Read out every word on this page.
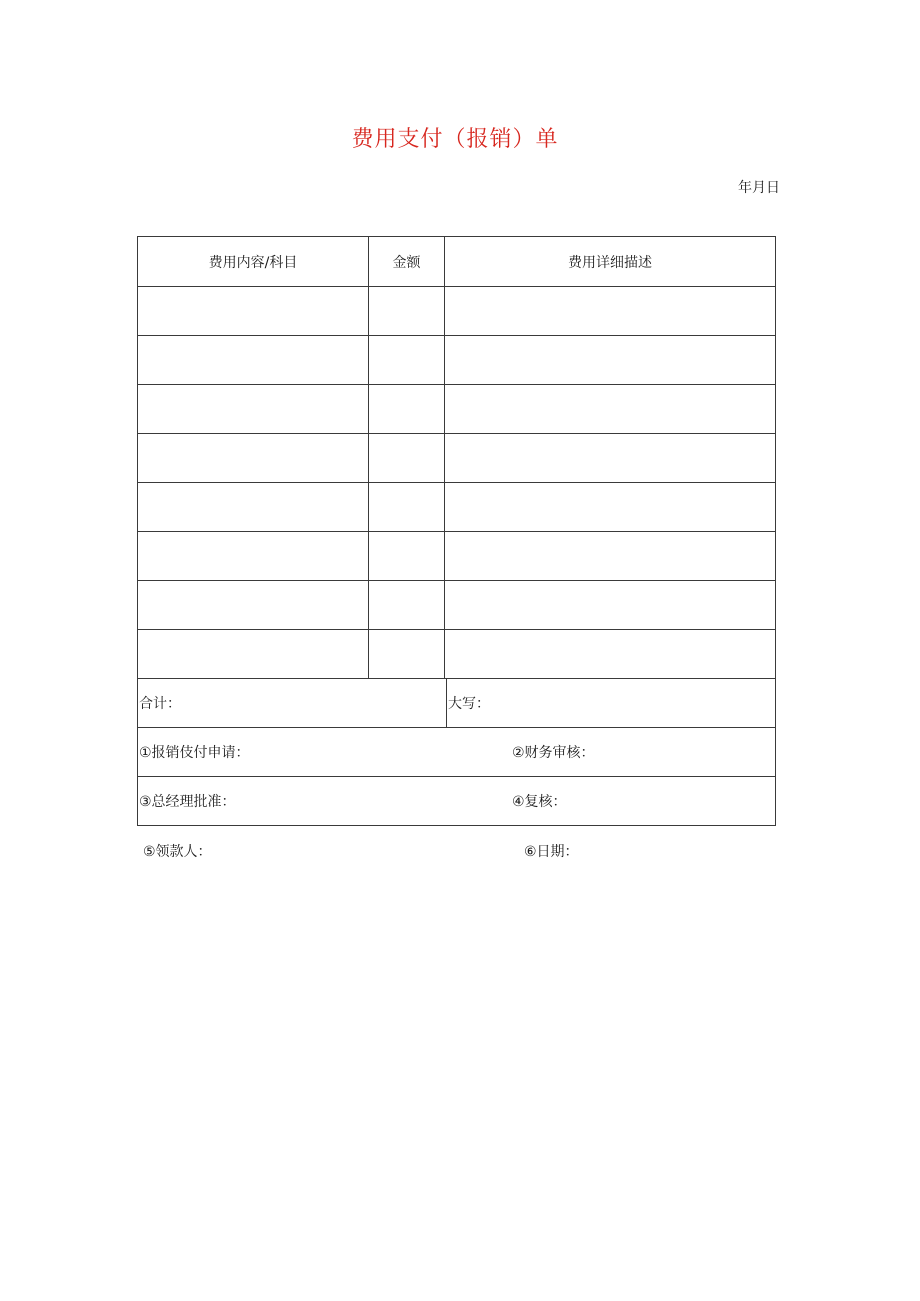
费用支付（报销）单
年月日
费用内容/科目	金额	费用详细描述

合计： 大写：		

①报销伎付申请： ②财务审核：		

③总经理批准： ④复核：		
⑤领款人：	⑥日期：
